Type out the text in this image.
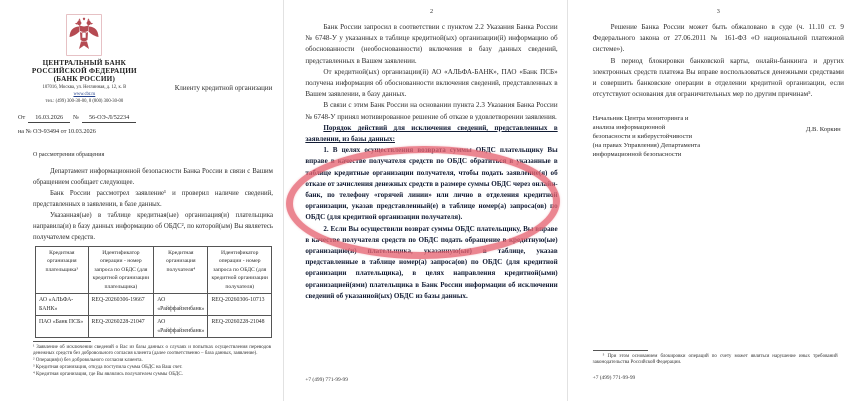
ЦЕНТРАЛЬНЫЙ БАНК
РОССИЙСКОЙ ФЕДЕРАЦИИ
(БАНК РОССИИ)
107016, Москва, ул. Неглинная, д. 12, к. В
www.cbr.ru
тел.: (499) 300-30-00, 8 (800) 300-30-00
От 16.03.2026 № 56-ОЭ-Л/52234
на № ОЭ-93494 от 10.03.2026
Клиенту кредитной организации
О рассмотрении обращения

Департамент информационной безопасности Банка России в связи с Вашим обращением сообщает следующее.

Банк России рассмотрел заявление¹ и проверил наличие сведений, представленных в заявлении, в базе данных.

Указанная(ые) в таблице кредитная(ые) организация(и) плательщика направила(и) в базу данных информацию об ОБДС², по которой(ым) Вы являетесь получателем средств.

Кредитная организация плательщика³	Идентификатор операции - номер запроса по ОБДС (для кредитной организации плательщика)	Кредитная организация получателя⁴	Идентификатор операции - номер запроса по ОБДС (для кредитной организации получателя)
АО «АЛЬФА-БАНК»	REQ-20260306-19667	АО «Райффайзенбанк»	REQ-20260306-10713
ПАО «Банк ПСБ»	REQ-20260228-21047	АО «Райффайзенбанк»	REQ-20260228-21048
¹ Заявление об исключении сведений о Вас из базы данных о случаях и попытках осуществления переводов денежных средств без добровольного согласия клиента (далее соответственно – база данных, заявление).
² Операция(и) без добровольного согласия клиента.
³ Кредитная организация, откуда поступила сумма ОБДС на Ваш счет.
⁴ Кредитная организация, где Вы являлись получателем суммы ОБДС.
2

Банк России запросил в соответствии с пунктом 2.2 Указания Банка России № 6748-У у указанных в таблице кредитной(ых) организации(й) информацию об обоснованности (необоснованности) включения в базу данных сведений, представленных в Вашем заявлении.

От кредитной(ых) организации(й) АО «АЛЬФА-БАНК», ПАО «Банк ПСБ» получена информация об обоснованности включения сведений, представленных в Вашем заявлении, в базу данных.

В связи с этим Банк России на основании пункта 2.3 Указания Банка России № 6748-У принял мотивированное решение об отказе в удовлетворении заявления.

Порядок действий для исключения сведений, представленных в заявлении, из базы данных:

1. В целях осуществления возврата суммы ОБДС плательщику Вы вправе в качестве получателя средств по ОБДС обратиться в указанные в таблице кредитные организации получателя, чтобы подать заявление(я) об отказе от зачисления денежных средств в размере суммы ОБДС через онлайн-банк, по телефону «горячей линии» или лично в отделения кредитной организации, указав представленный(е) в таблице номер(а) запроса(ов) по ОБДС (для кредитной организации получателя).

2. Если Вы осуществили возврат суммы ОБДС плательщику, Вы вправе в качестве получателя средств по ОБДС подать обращение в кредитную(ые) организацию(и) плательщика, указанную(ые) в таблице, указав представленные в таблице номер(а) запроса(ов) по ОБДС (для кредитной организации плательщика), в целях направления кредитной(ыми) организацией(ями) плательщика в Банк России информации об исключении сведений об указанной(ых) ОБДС из базы данных.

+7 (499) 771-99-99
3

Решение Банка России может быть обжаловано в суде (ч. 11.10 ст. 9 Федерального закона от 27.06.2011 № 161-ФЗ «О национальной платежной системе»).

В период блокировки банковской карты, онлайн-банкинга и других электронных средств платежа Вы вправе воспользоваться денежными средствами и совершить банковские операции в отделении кредитной организации, если отсутствуют основания для ограничительных мер по другим причинам⁵.

Начальник Центра мониторинга и
анализа информационной
безопасности и киберустойчивости
(на правах Управления) Департамента
информационной безопасности
Д.В. Коркин
⁵ При этом основанием блокировки операций по счету может являться нарушение иных требований законодательства Российской Федерации.
+7 (499) 771-99-99
